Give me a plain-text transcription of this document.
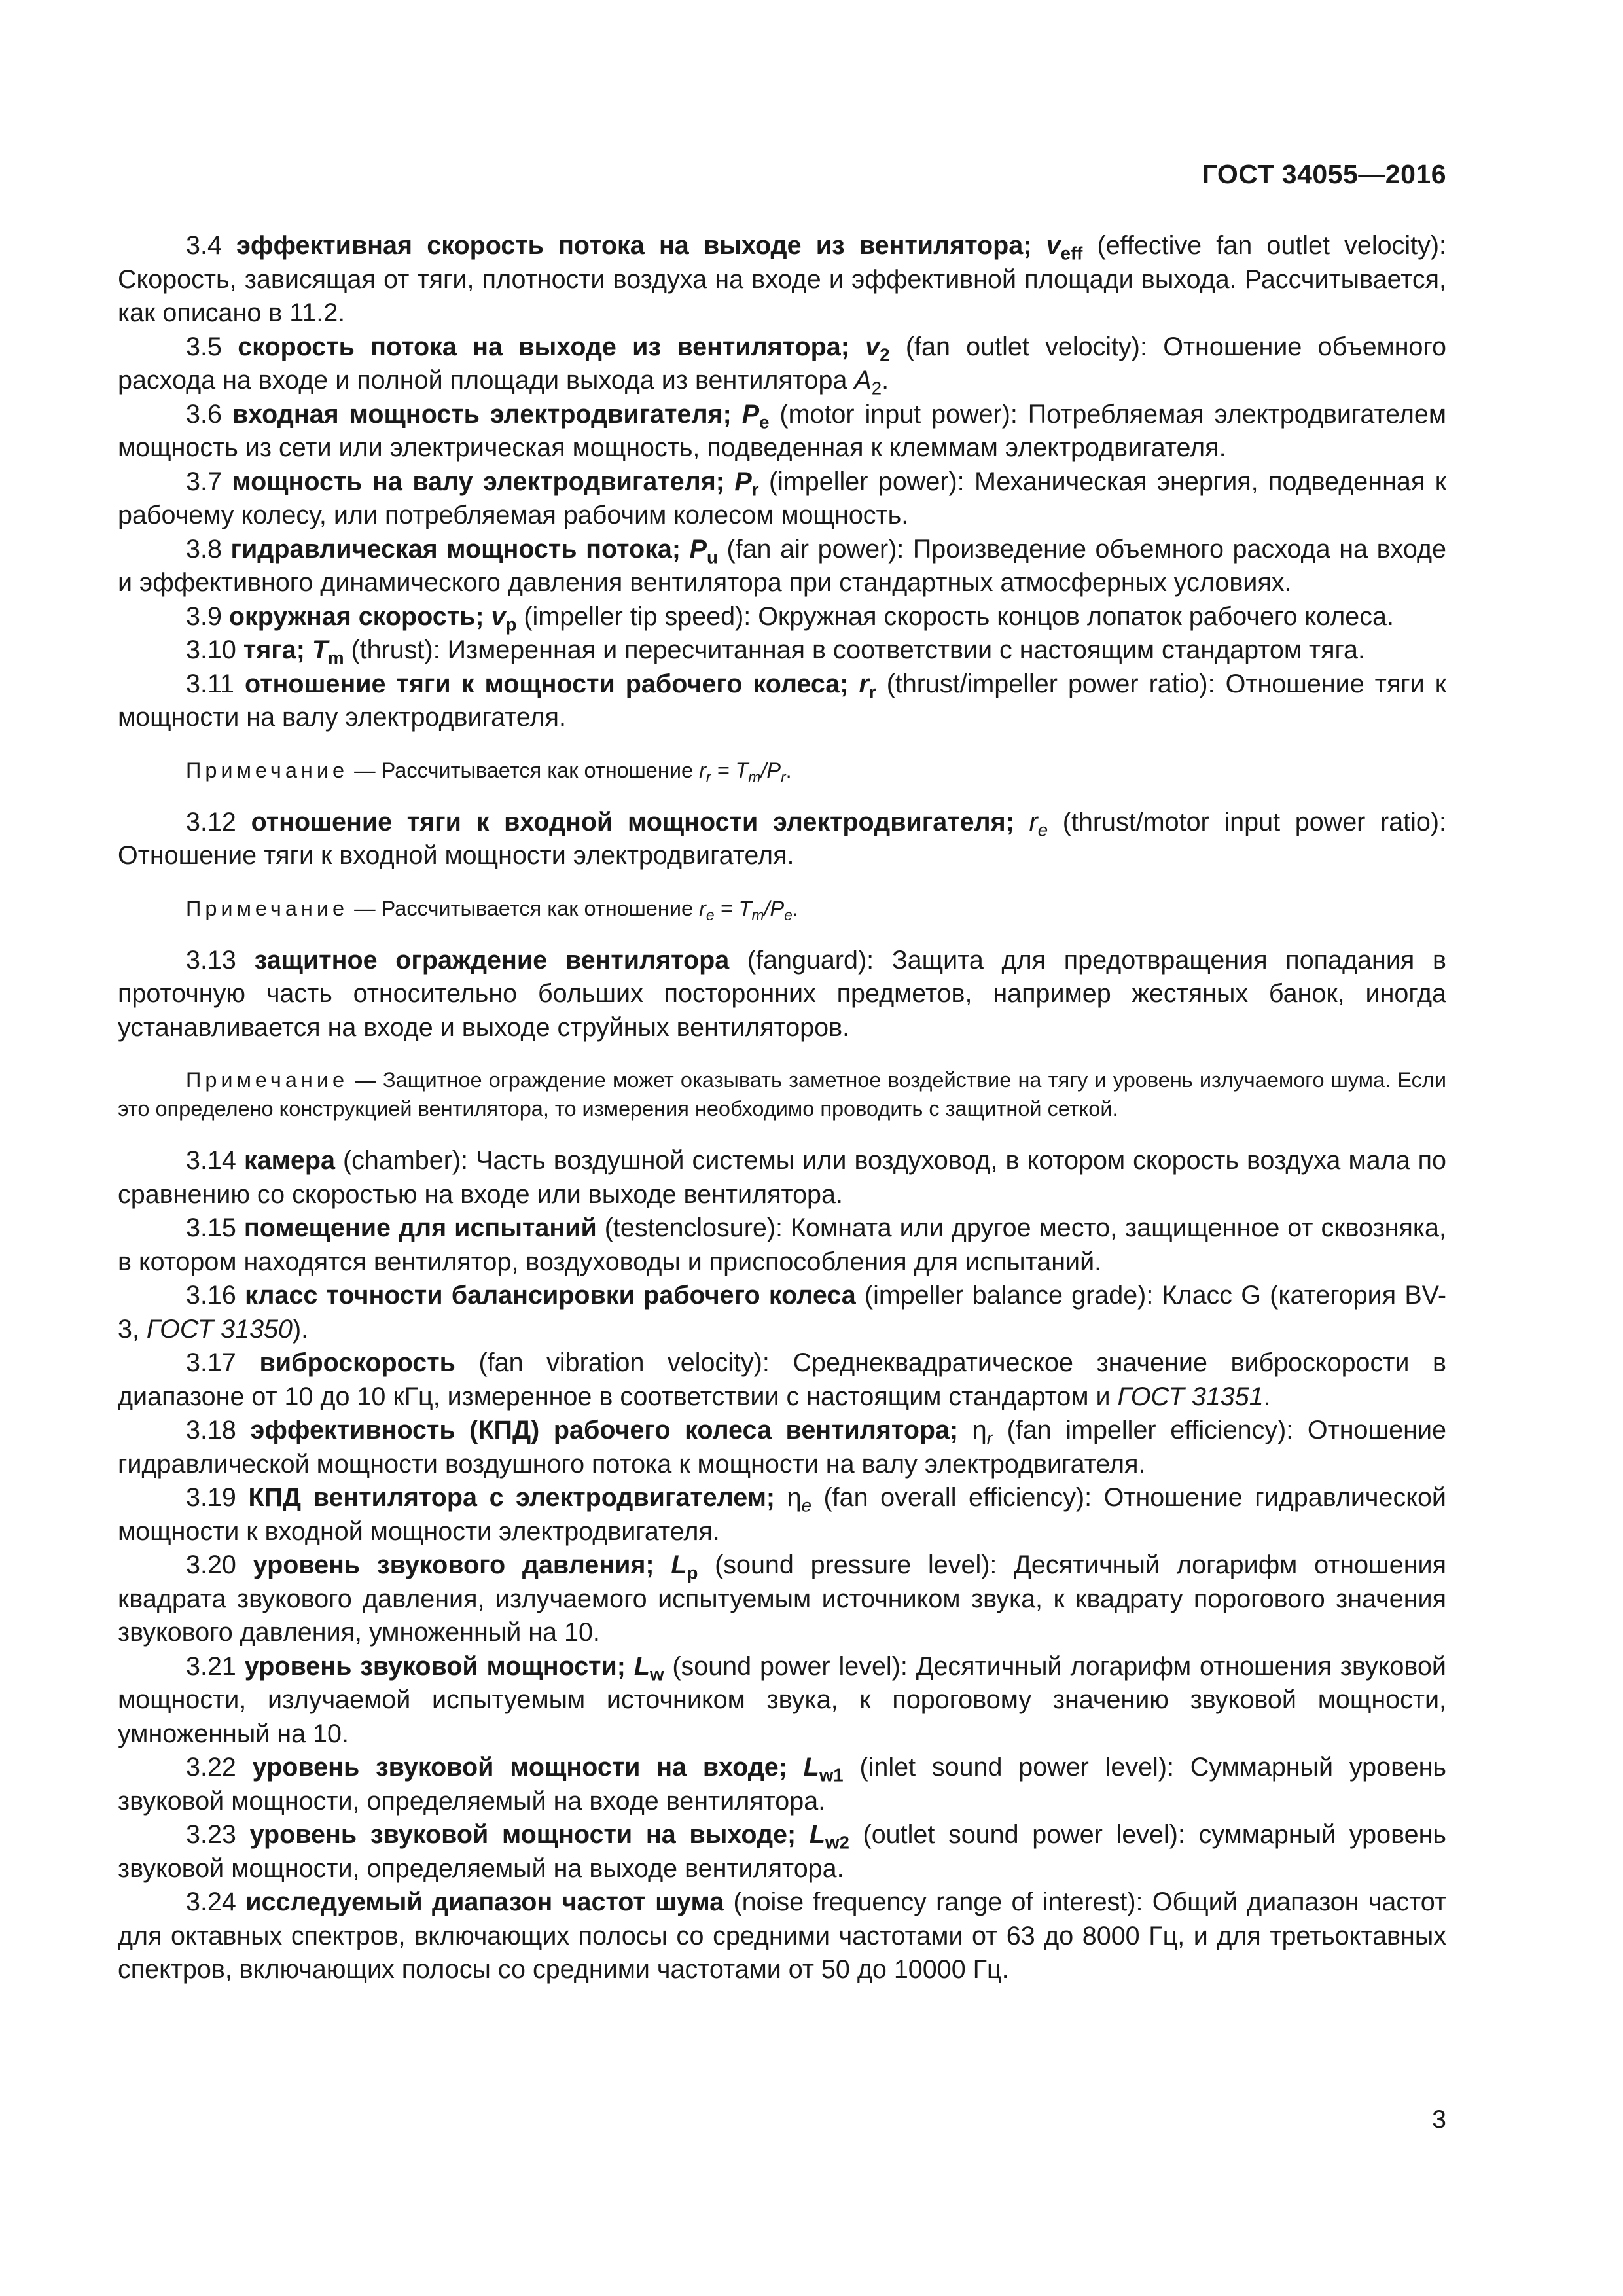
ГОСТ 34055—2016

3.4 эффективная скорость потока на выходе из вентилятора; $v_{eff}$ (effective fan outlet velocity): Скорость, зависящая от тяги, плотности воздуха на входе и эффективной площади выхода. Рассчитывается, как описано в 11.2.

3.5 скорость потока на выходе из вентилятора; $v_2$ (fan outlet velocity): Отношение объемного расхода на входе и полной площади выхода из вентилятора $A_2$.

3.6 входная мощность электродвигателя; $P_e$ (motor input power): Потребляемая электродвигателем мощность из сети или электрическая мощность, подведенная к клеммам электродвигателя.

3.7 мощность на валу электродвигателя; $P_r$ (impeller power): Механическая энергия, подведенная к рабочему колесу, или потребляемая рабочим колесом мощность.

3.8 гидравлическая мощность потока; $P_u$ (fan air power): Произведение объемного расхода на входе и эффективного динамического давления вентилятора при стандартных атмосферных условиях.

3.9 окружная скорость; $v_p$ (impeller tip speed): Окружная скорость концов лопаток рабочего колеса.

3.10 тяга; $T_m$ (thrust): Измеренная и пересчитанная в соответствии с настоящим стандартом тяга.

3.11 отношение тяги к мощности рабочего колеса; $r_r$ (thrust/impeller power ratio): Отношение тяги к мощности на валу электродвигателя.

Примечание — Рассчитывается как отношение $r_r = T_m/P_r$.

3.12 отношение тяги к входной мощности электродвигателя; $r_e$ (thrust/motor input power ratio): Отношение тяги к входной мощности электродвигателя.

Примечание — Рассчитывается как отношение $r_e = T_m/P_e$.

3.13 защитное ограждение вентилятора (fanguard): Защита для предотвращения попадания в проточную часть относительно больших посторонних предметов, например жестяных банок, иногда устанавливается на входе и выходе струйных вентиляторов.

Примечание — Защитное ограждение может оказывать заметное воздействие на тягу и уровень излучаемого шума. Если это определено конструкцией вентилятора, то измерения необходимо проводить с защитной сеткой.

3.14 камера (chamber): Часть воздушной системы или воздуховод, в котором скорость воздуха мала по сравнению со скоростью на входе или выходе вентилятора.

3.15 помещение для испытаний (testenclosure): Комната или другое место, защищенное от сквозняка, в котором находятся вентилятор, воздуховоды и приспособления для испытаний.

3.16 класс точности балансировки рабочего колеса (impeller balance grade): Класс G (категория BV-3, ГОСТ 31350).

3.17 виброскорость (fan vibration velocity): Среднеквадратическое значение виброскорости в диапазоне от 10 до 10 кГц, измеренное в соответствии с настоящим стандартом и ГОСТ 31351.

3.18 эффективность (КПД) рабочего колеса вентилятора; $\eta_r$ (fan impeller efficiency): Отношение гидравлической мощности воздушного потока к мощности на валу электродвигателя.

3.19 КПД вентилятора с электродвигателем; $\eta_e$ (fan overall efficiency): Отношение гидравлической мощности к входной мощности электродвигателя.

3.20 уровень звукового давления; $L_p$ (sound pressure level): Десятичный логарифм отношения квадрата звукового давления, излучаемого испытуемым источником звука, к квадрату порогового значения звукового давления, умноженный на 10.

3.21 уровень звуковой мощности; $L_w$ (sound power level): Десятичный логарифм отношения звуковой мощности, излучаемой испытуемым источником звука, к пороговому значению звуковой мощности, умноженный на 10.

3.22 уровень звуковой мощности на входе; $L_{w1}$ (inlet sound power level): Суммарный уровень звуковой мощности, определяемый на входе вентилятора.

3.23 уровень звуковой мощности на выходе; $L_{w2}$ (outlet sound power level): суммарный уровень звуковой мощности, определяемый на выходе вентилятора.

3.24 исследуемый диапазон частот шума (noise frequency range of interest): Общий диапазон частот для октавных спектров, включающих полосы со средними частотами от 63 до 8000 Гц, и для третьоктавных спектров, включающих полосы со средними частотами от 50 до 10000 Гц.

3
